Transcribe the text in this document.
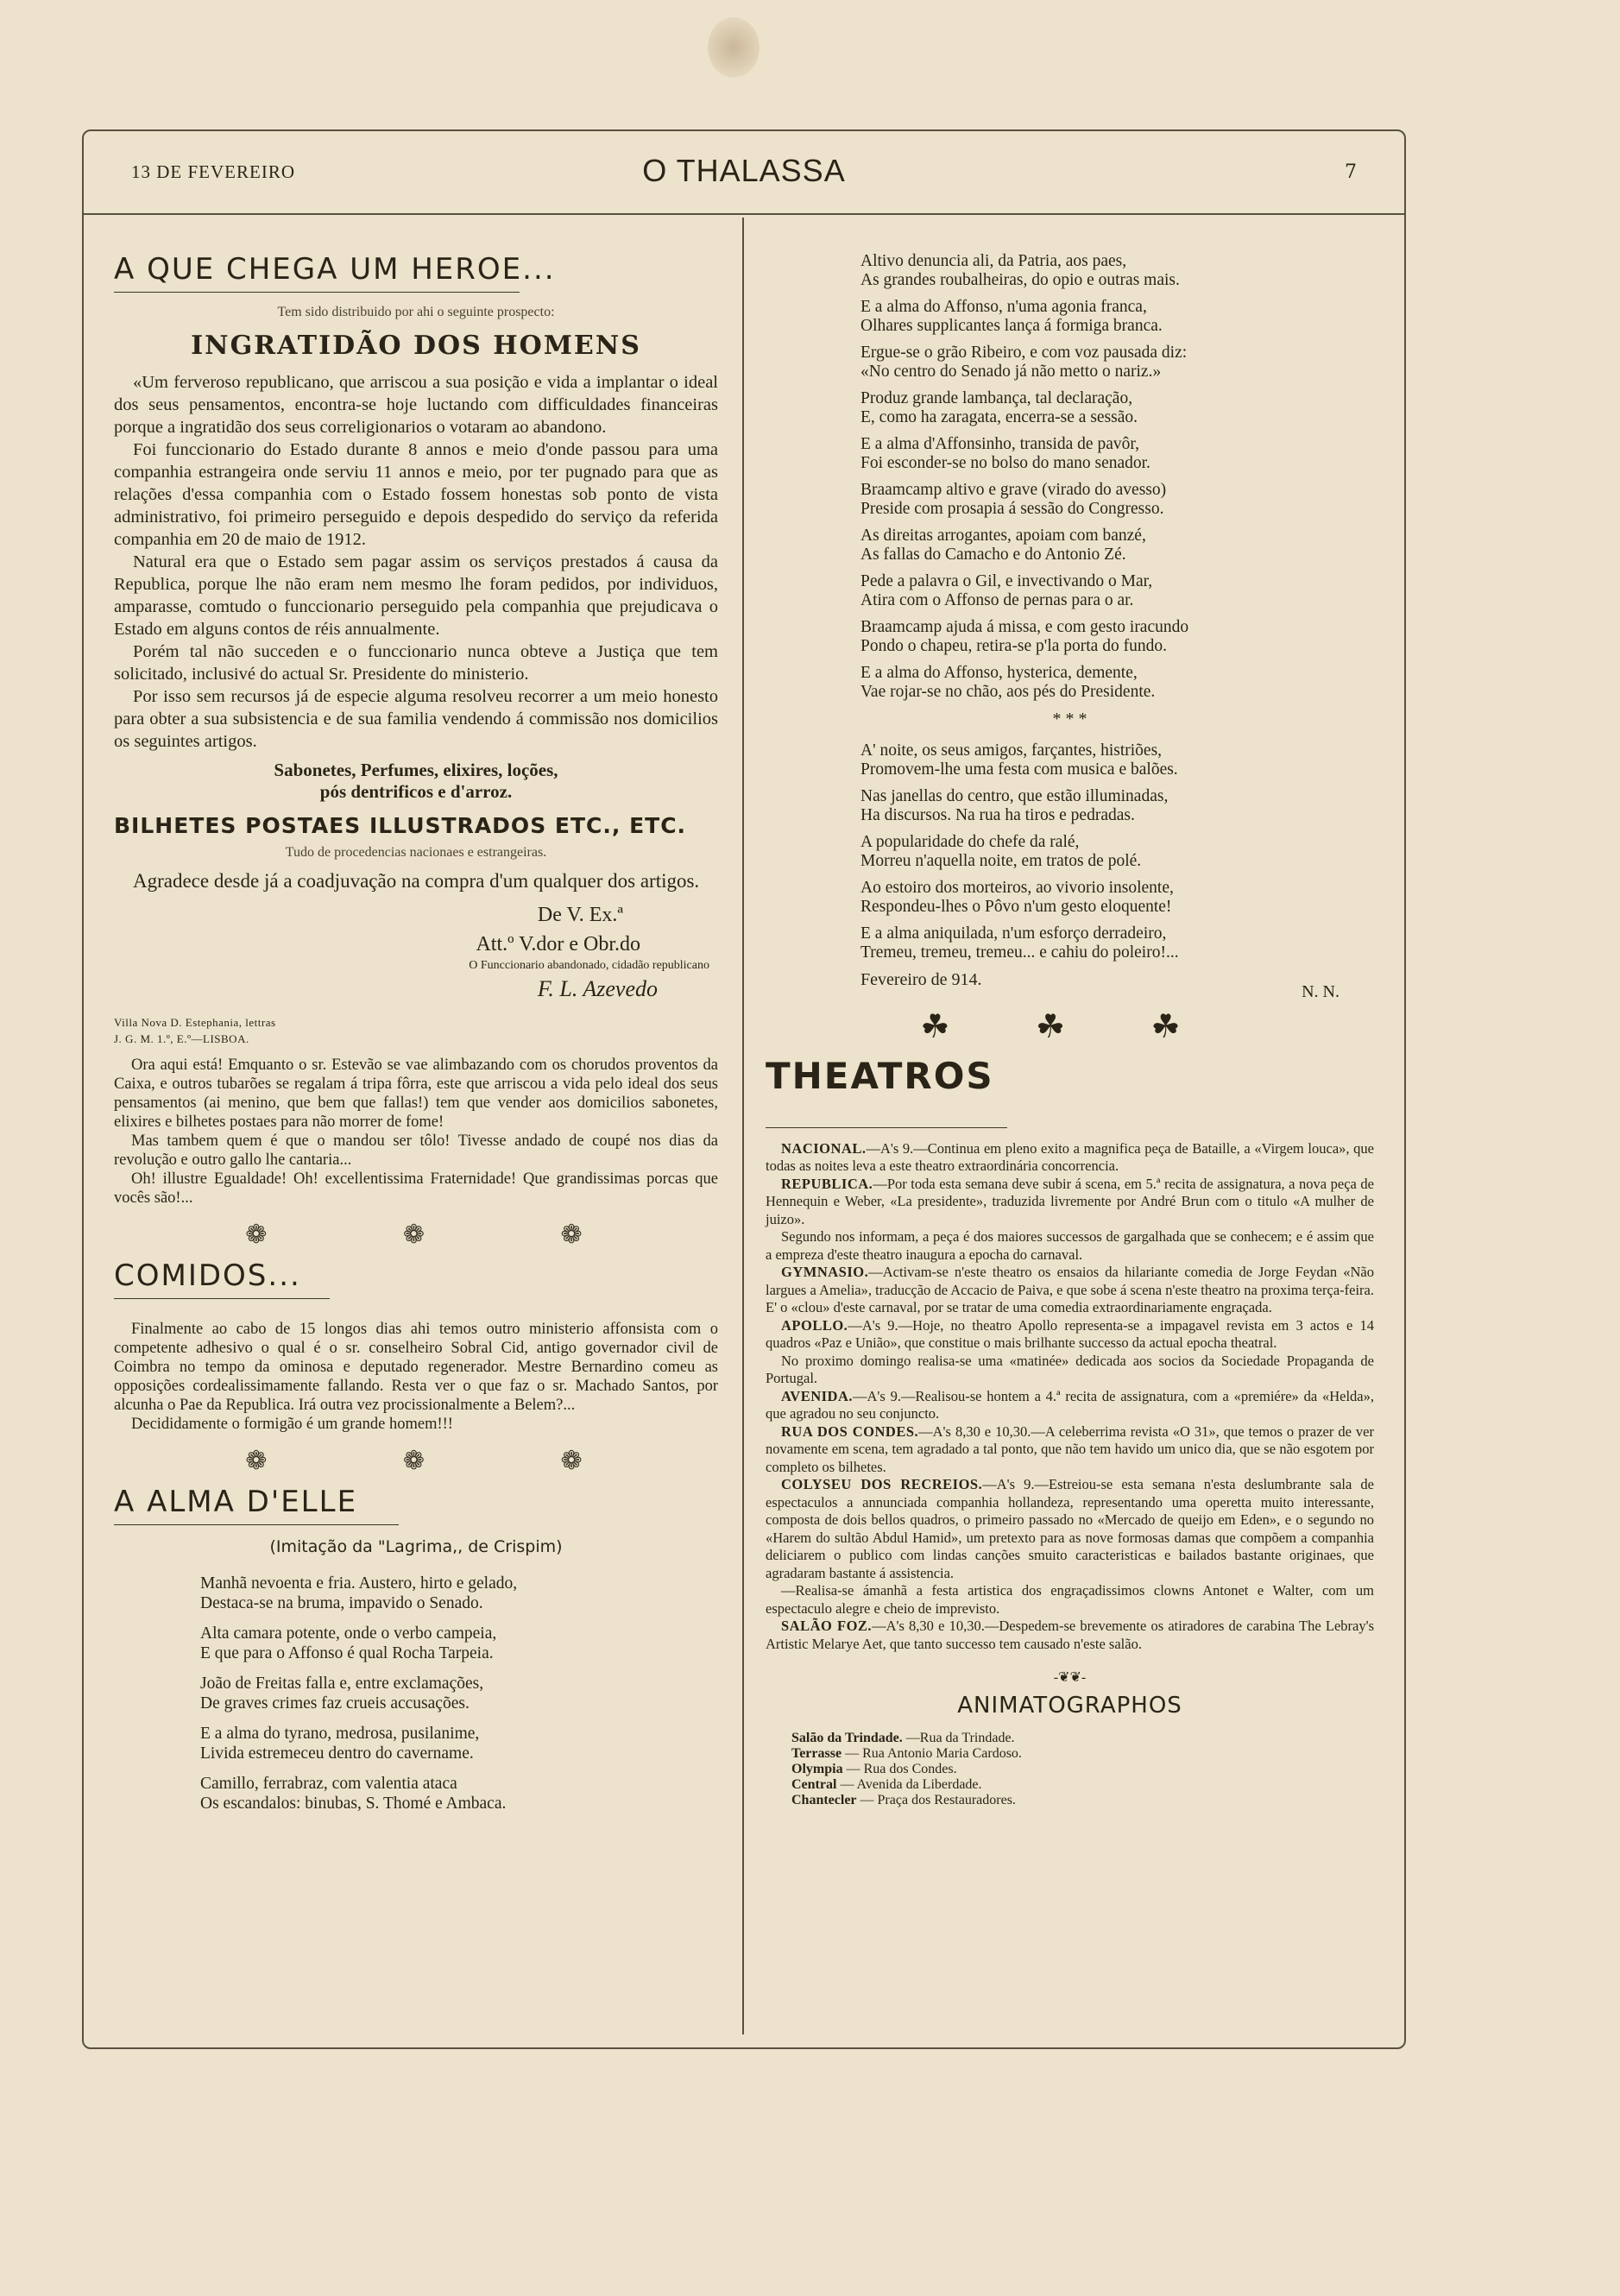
13 DE FEVEREIRO	O THALASSA	7
A QUE CHEGA UM HEROE...

Tem sido distribuido por ahi o seguinte prospecto:

INGRATIDÃO DOS HOMENS

«Um ferveroso republicano, que arriscou a sua posição e vida a implantar o ideal dos seus pensamentos, encontra-se hoje luctando com difficuldades financeiras porque a ingratidão dos seus correligionarios o votaram ao abandono.

Foi funccionario do Estado durante 8 annos e meio d'onde passou para uma companhia estrangeira onde serviu 11 annos e meio, por ter pugnado para que as relações d'essa companhia com o Estado fossem honestas sob ponto de vista administrativo, foi primeiro perseguido e depois despedido do serviço da referida companhia em 20 de maio de 1912.

Natural era que o Estado sem pagar assim os serviços prestados á causa da Republica, porque lhe não eram nem mesmo lhe foram pedidos, por individuos, amparasse, comtudo o funccionario perseguido pela companhia que prejudicava o Estado em alguns contos de réis annualmente.

Porém tal não succeden e o funccionario nunca obteve a Justiça que tem solicitado, inclusivé do actual Sr. Presidente do ministerio.

Por isso sem recursos já de especie alguma resolveu recorrer a um meio honesto para obter a sua subsistencia e de sua familia vendendo á commissão nos domicilios os seguintes artigos.

Sabonetes, Perfumes, elixires, loções,

pós dentrificos e d'arroz.

BILHETES POSTAES ILLUSTRADOS ETC., ETC.

Tudo de procedencias nacionaes e estrangeiras.

Agradece desde já a coadjuvação na compra d'um qualquer dos artigos.

De V. Ex.ª

Att.º V.dor e Obr.do

O Funccionario abandonado, cidadão republicano

F. L. Azevedo

Villa Nova D. Estephania, lettras

J. G. M. 1.º, E.º—LISBOA.

Ora aqui está! Emquanto o sr. Estevão se vae alimbazando com os chorudos proventos da Caixa, e outros tubarões se regalam á tripa fôrra, este que arriscou a vida pelo ideal dos seus pensamentos (ai menino, que bem que fallas!) tem que vender aos domicilios sabonetes, elixires e bilhetes postaes para não morrer de fome!

Mas tambem quem é que o mandou ser tôlo! Tivesse andado de coupé nos dias da revolução e outro gallo lhe cantaria...

Oh! illustre Egualdade! Oh! excellentissima Fraternidade! Que grandissimas porcas que vocês são!...

❁ ❁ ❁

COMIDOS...

Finalmente ao cabo de 15 longos dias ahi temos outro ministerio affonsista com o competente adhesivo o qual é o sr. conselheiro Sobral Cid, antigo governador civil de Coimbra no tempo da ominosa e deputado regenerador. Mestre Bernardino comeu as opposições cordealissimamente fallando. Resta ver o que faz o sr. Machado Santos, por alcunha o Pae da Republica. Irá outra vez procissionalmente a Belem?...

Decididamente o formigão é um grande homem!!!

❁ ❁ ❁

A ALMA D'ELLE

(Imitação da "Lagrima,, de Crispim)

Manhã nevoenta e fria. Austero, hirto e gelado,
Destaca-se na bruma, impavido o Senado.
Alta camara potente, onde o verbo campeia,
E que para o Affonso é qual Rocha Tarpeia.
João de Freitas falla e, entre exclamações,
De graves crimes faz crueis accusações.
E a alma do tyrano, medrosa, pusilanime,
Livida estremeceu dentro do cavername.
Camillo, ferrabraz, com valentia ataca
Os escandalos: binubas, S. Thomé e Ambaca.
Altivo denuncia ali, da Patria, aos paes,
As grandes roubalheiras, do opio e outras mais.
E a alma do Affonso, n'uma agonia franca,
Olhares supplicantes lança á formiga branca.
Ergue-se o grão Ribeiro, e com voz pausada diz:
«No centro do Senado já não metto o nariz.»
Produz grande lambança, tal declaração,
E, como ha zaragata, encerra-se a sessão.
E a alma d'Affonsinho, transida de pavôr,
Foi esconder-se no bolso do mano senador.
Braamcamp altivo e grave (virado do avesso)
Preside com prosapia á sessão do Congresso.
As direitas arrogantes, apoiam com banzé,
As fallas do Camacho e do Antonio Zé.
Pede a palavra o Gil, e invectivando o Mar,
Atira com o Affonso de pernas para o ar.
Braamcamp ajuda á missa, e com gesto iracundo
Pondo o chapeu, retira-se p'la porta do fundo.
E a alma do Affonso, hysterica, demente,
Vae rojar-se no chão, aos pés do Presidente.

* * *

A' noite, os seus amigos, farçantes, histriões,
Promovem-lhe uma festa com musica e balões.
Nas janellas do centro, que estão illuminadas,
Ha discursos. Na rua ha tiros e pedradas.
A popularidade do chefe da ralé,
Morreu n'aquella noite, em tratos de polé.
Ao estoiro dos morteiros, ao vivorio insolente,
Respondeu-lhes o Pôvo n'um gesto eloquente!
E a alma aniquilada, n'um esforço derradeiro,
Tremeu, tremeu, tremeu... e cahiu do poleiro!...
Fevereiro de 914.
N. N.

☘ ☘ ☘

THEATROS

NACIONAL.—A's 9.—Continua em pleno exito a magnifica peça de Bataille, a «Virgem louca», que todas as noites leva a este theatro extraordinária concorrencia.

REPUBLICA.—Por toda esta semana deve subir á scena, em 5.ª recita de assignatura, a nova peça de Hennequin e Weber, «La presidente», traduzida livremente por André Brun com o titulo «A mulher de juizo».

Segundo nos informam, a peça é dos maiores successos de gargalhada que se conhecem; e é assim que a empreza d'este theatro inaugura a epocha do carnaval.

GYMNASIO.—Activam-se n'este theatro os ensaios da hilariante comedia de Jorge Feydan «Não largues a Amelia», traducção de Accacio de Paiva, e que sobe á scena n'este theatro na proxima terça-feira. E' o «clou» d'este carnaval, por se tratar de uma comedia extraordinariamente engraçada.

APOLLO.—A's 9.—Hoje, no theatro Apollo representa-se a impagavel revista em 3 actos e 14 quadros «Paz e União», que constitue o mais brilhante successo da actual epocha theatral.

No proximo domingo realisa-se uma «matinée» dedicada aos socios da Sociedade Propaganda de Portugal.

AVENIDA.—A's 9.—Realisou-se hontem a 4.ª recita de assignatura, com a «premiére» da «Helda», que agradou no seu conjuncto.

RUA DOS CONDES.—A's 8,30 e 10,30.—A celeberrima revista «O 31», que temos o prazer de ver novamente em scena, tem agradado a tal ponto, que não tem havido um unico dia, que se não esgotem por completo os bilhetes.

COLYSEU DOS RECREIOS.—A's 9.—Estreiou-se esta semana n'esta deslumbrante sala de espectaculos a annunciada companhia hollandeza, representando uma operetta muito interessante, composta de dois bellos quadros, o primeiro passado no «Mercado de queijo em Eden», e o segundo no «Harem do sultão Abdul Hamid», um pretexto para as nove formosas damas que compõem a companhia deliciarem o publico com lindas canções smuito caracteristicas e bailados bastante originaes, que agradaram bastante á assistencia.

—Realisa-se ámanhã a festa artistica dos engraçadissimos clowns Antonet e Walter, com um espectaculo alegre e cheio de imprevisto.

SALÃO FOZ.—A's 8,30 e 10,30.—Despedem-se brevemente os atiradores de carabina The Lebray's Artistic Melarye Aet, que tanto successo tem causado n'este salão.

-❦❦-

ANIMATOGRAPHOS

Salão da Trindade. —Rua da Trindade.

Terrasse — Rua Antonio Maria Cardoso.

Olympia — Rua dos Condes.

Central — Avenida da Liberdade.

Chantecler — Praça dos Restauradores.
